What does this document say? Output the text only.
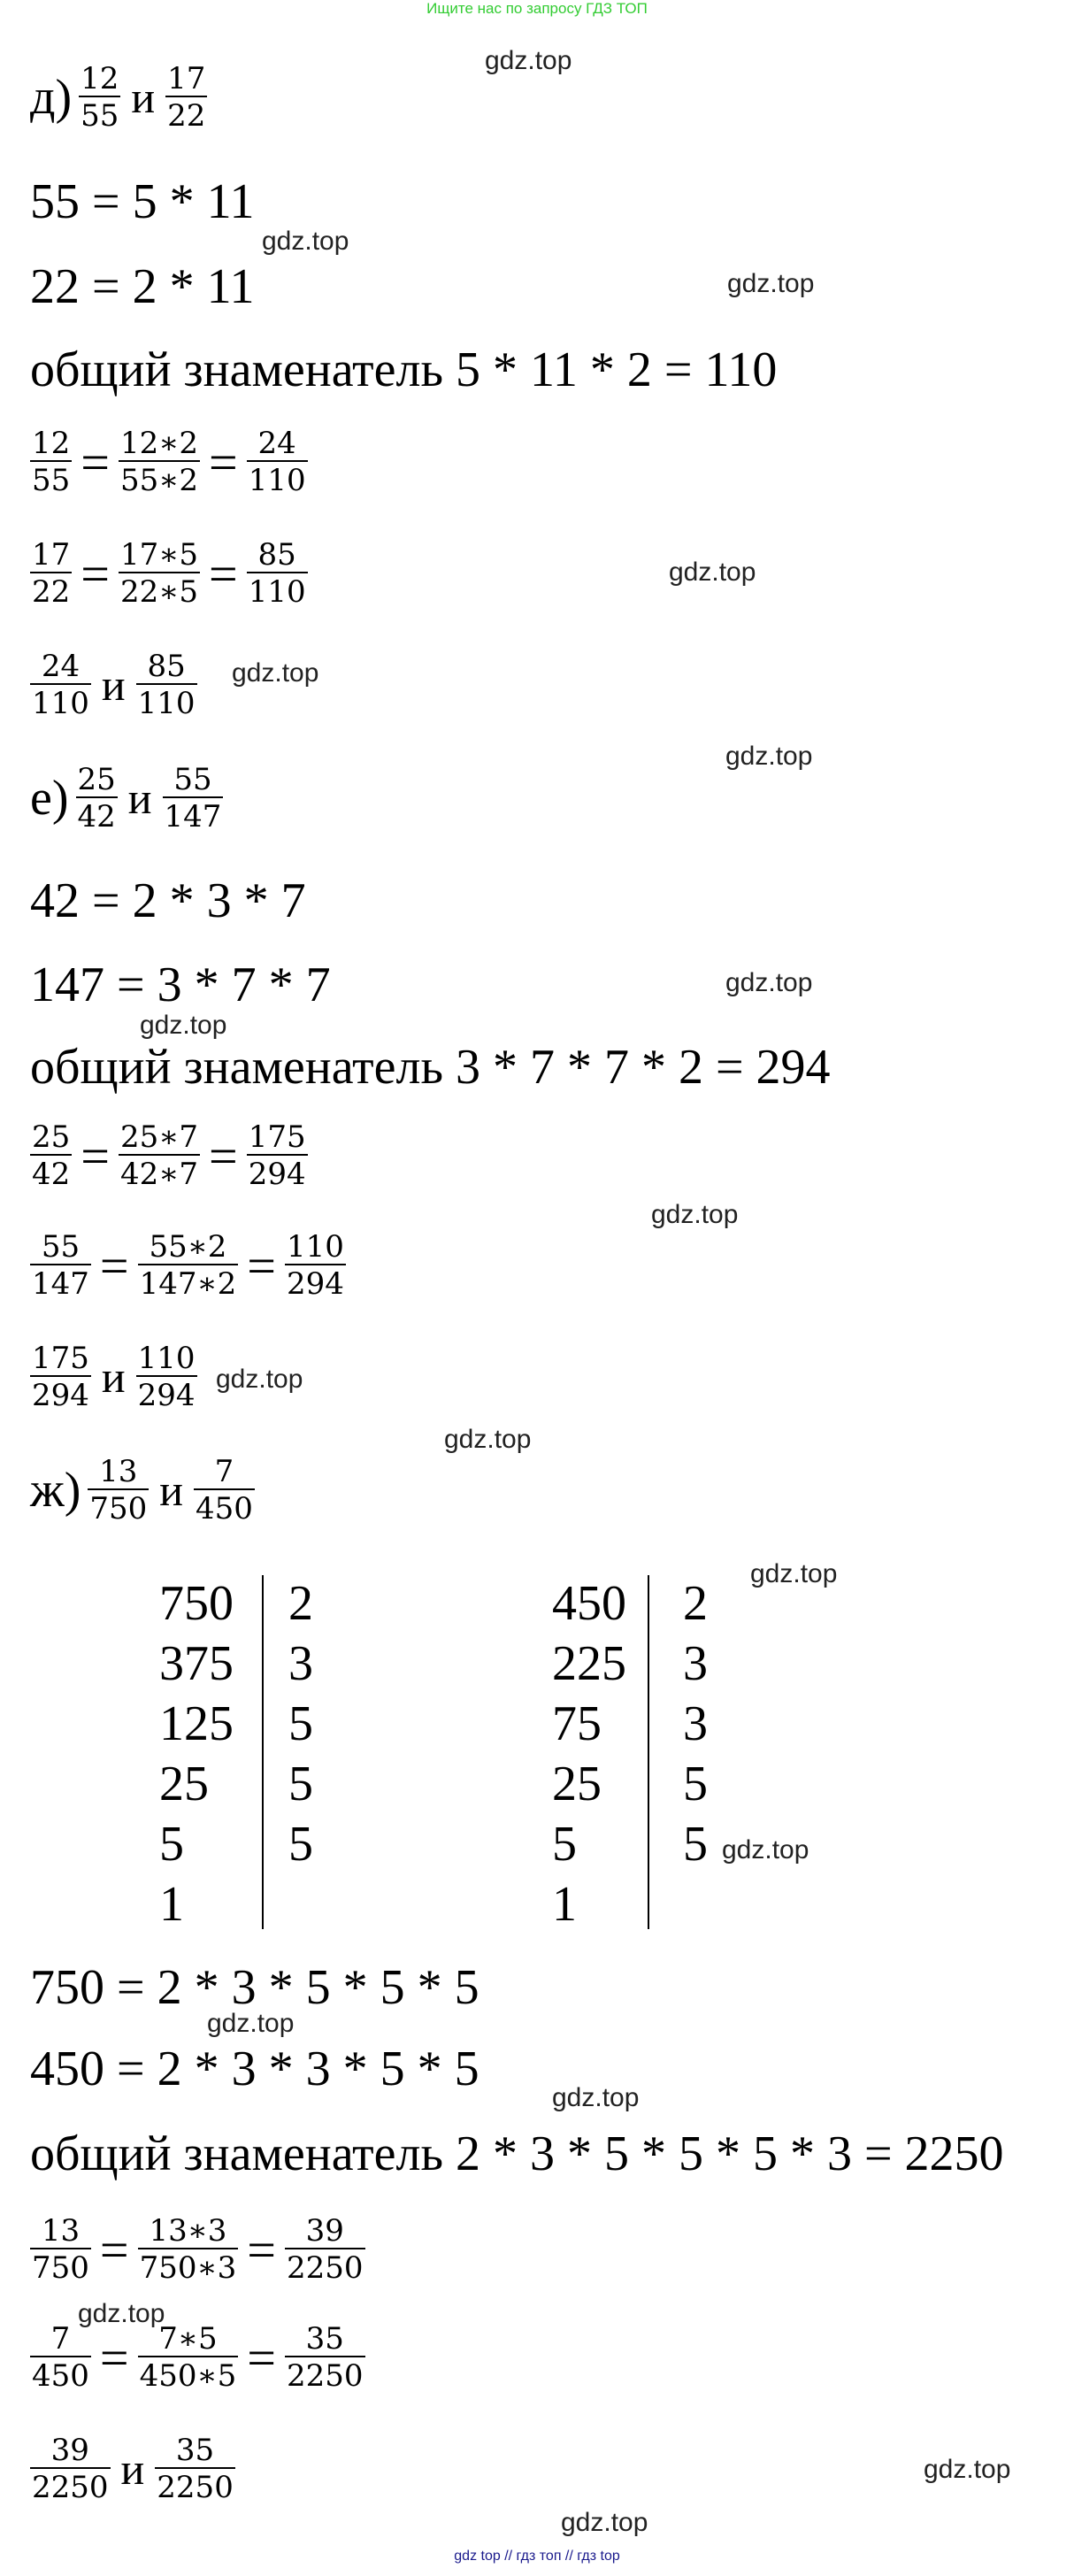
Ищите нас по запросу ГДЗ ТОП
$д) \frac{12}{55}$ и $\frac{17}{22}$
55 = 5 * 11
22 = 2 * 11
общий знаменатель 5 * 11 * 2 = 110
$\frac{12}{55} = \frac{12∗2}{55∗2} = \frac{24}{110}$
$\frac{17}{22} = \frac{17∗5}{22∗5} = \frac{85}{110}$
$\frac{24}{110}$ и $\frac{85}{110}$
$е) \frac{25}{42}$ и $\frac{55}{147}$
42 = 2 * 3 * 7
147 = 3 * 7 * 7
общий знаменатель 3 * 7 * 7 * 2 = 294
$\frac{25}{42} = \frac{25∗7}{42∗7} = \frac{175}{294}$
$\frac{55}{147} = \frac{55∗2}{147∗2} = \frac{110}{294}$
$\frac{175}{294}$ и $\frac{110}{294}$
$ж) \frac{13}{750}$ и $\frac{7}{450}$
750
375
125
25
5
1
2
3
5
5
5
450
225
75
25
5
1
2
3
3
5
5
750 = 2 * 3 * 5 * 5 * 5
450 = 2 * 3 * 3 * 5 * 5
общий знаменатель 2 * 3 * 5 * 5 * 5 * 3 = 2250
$\frac{13}{750} = \frac{13∗3}{750∗3} = \frac{39}{2250}$
$\frac{7}{450} = \frac{7∗5}{450∗5} = \frac{35}{2250}$
$\frac{39}{2250}$ и $\frac{35}{2250}$
gdz.top
gdz.top
gdz.top
gdz.top
gdz.top
gdz.top
gdz.top
gdz.top
gdz.top
gdz.top
gdz.top
gdz.top
gdz.top
gdz.top
gdz.top
gdz.top
gdz.top
gdz.top
gdz top // гдз топ // гдз top
